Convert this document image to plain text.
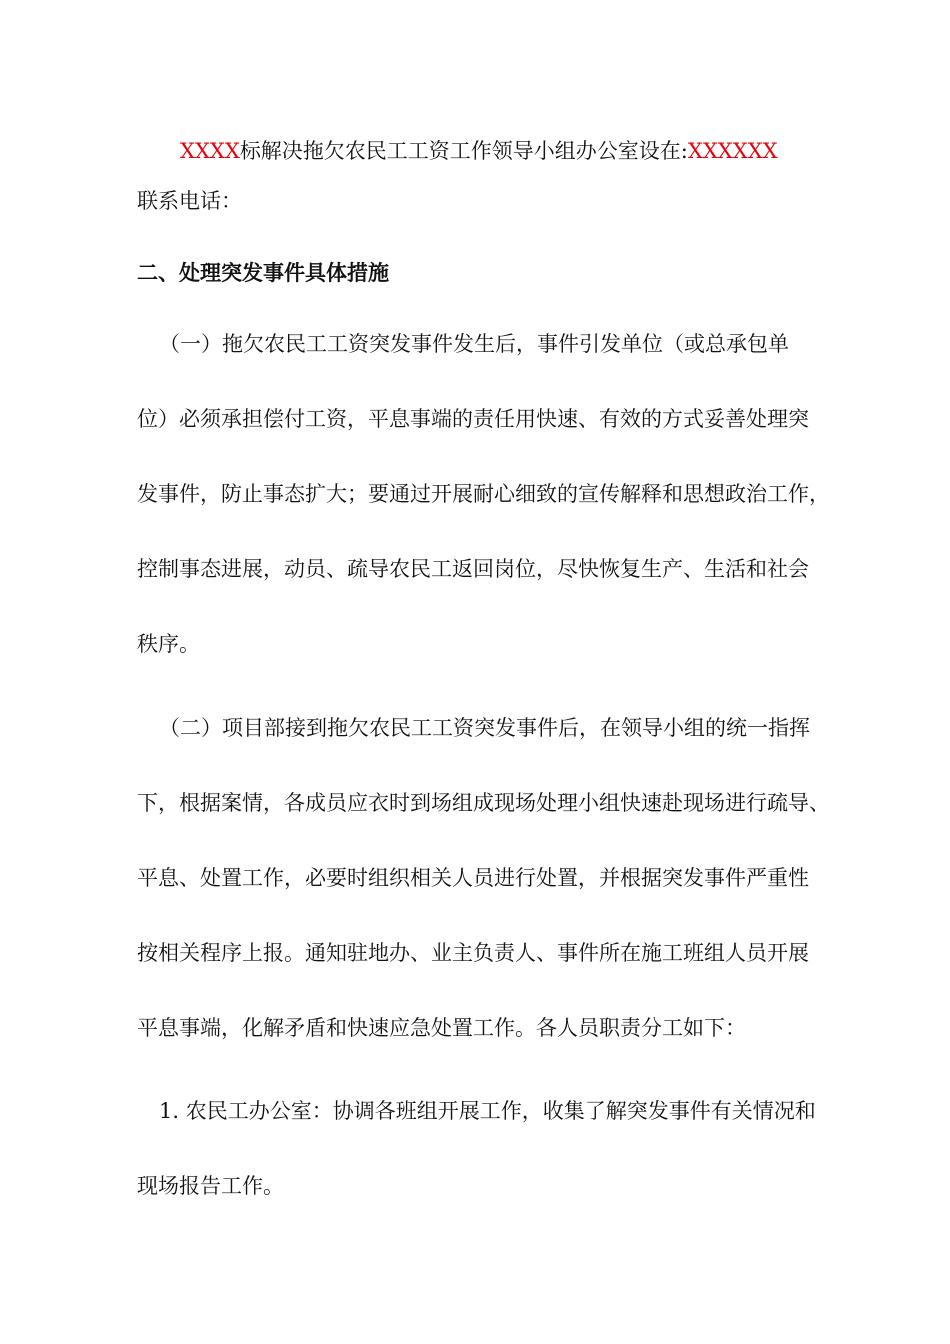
XXXX标解决拖欠农民工工资工作领导小组办公室设在:XXXXXX
联系电话：
二、处理突发事件具体措施
（一）拖欠农民工工资突发事件发生后，事件引发单位（或总承包单
位）必须承担偿付工资，平息事端的责任用快速、有效的方式妥善处理突
发事件，防止事态扩大；要通过开展耐心细致的宣传解释和思想政治工作，
控制事态进展，动员、疏导农民工返回岗位，尽快恢复生产、生活和社会
秩序。
（二）项目部接到拖欠农民工工资突发事件后，在领导小组的统一指挥
下，根据案情，各成员应衣时到场组成现场处理小组快速赴现场进行疏导、
平息、处置工作，必要时组织相关人员进行处置，并根据突发事件严重性
按相关程序上报。通知驻地办、业主负责人、事件所在施工班组人员开展
平息事端，化解矛盾和快速应急处置工作。各人员职责分工如下：
1. 农民工办公室：协调各班组开展工作，收集了解突发事件有关情况和
现场报告工作。
